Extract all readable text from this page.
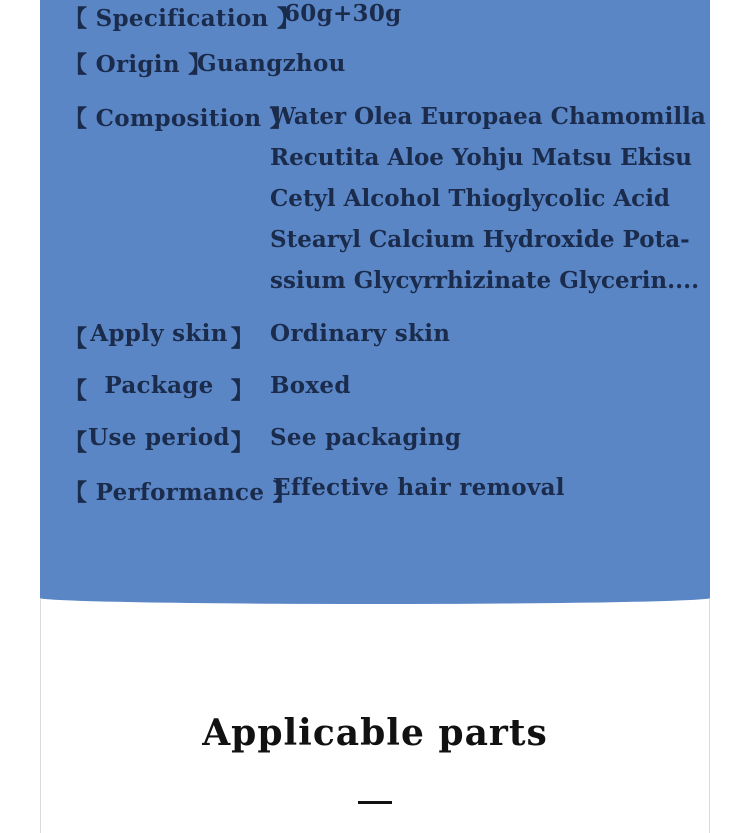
【 Specification 】
60g+30g
【 Origin 】
Guangzhou
【 Composition 】
Water Olea Europaea Chamomilla
Recutita Aloe Yohju Matsu Ekisu
Cetyl Alcohol Thioglycolic Acid
Stearyl Calcium Hydroxide Pota-
ssium Glycyrrhizinate Glycerin....
【 Apply skin 】 Ordinary skin
【 Package 】 Boxed
【 Use period 】 See packaging
【 Performance 】
Effective hair removal
Applicable parts
